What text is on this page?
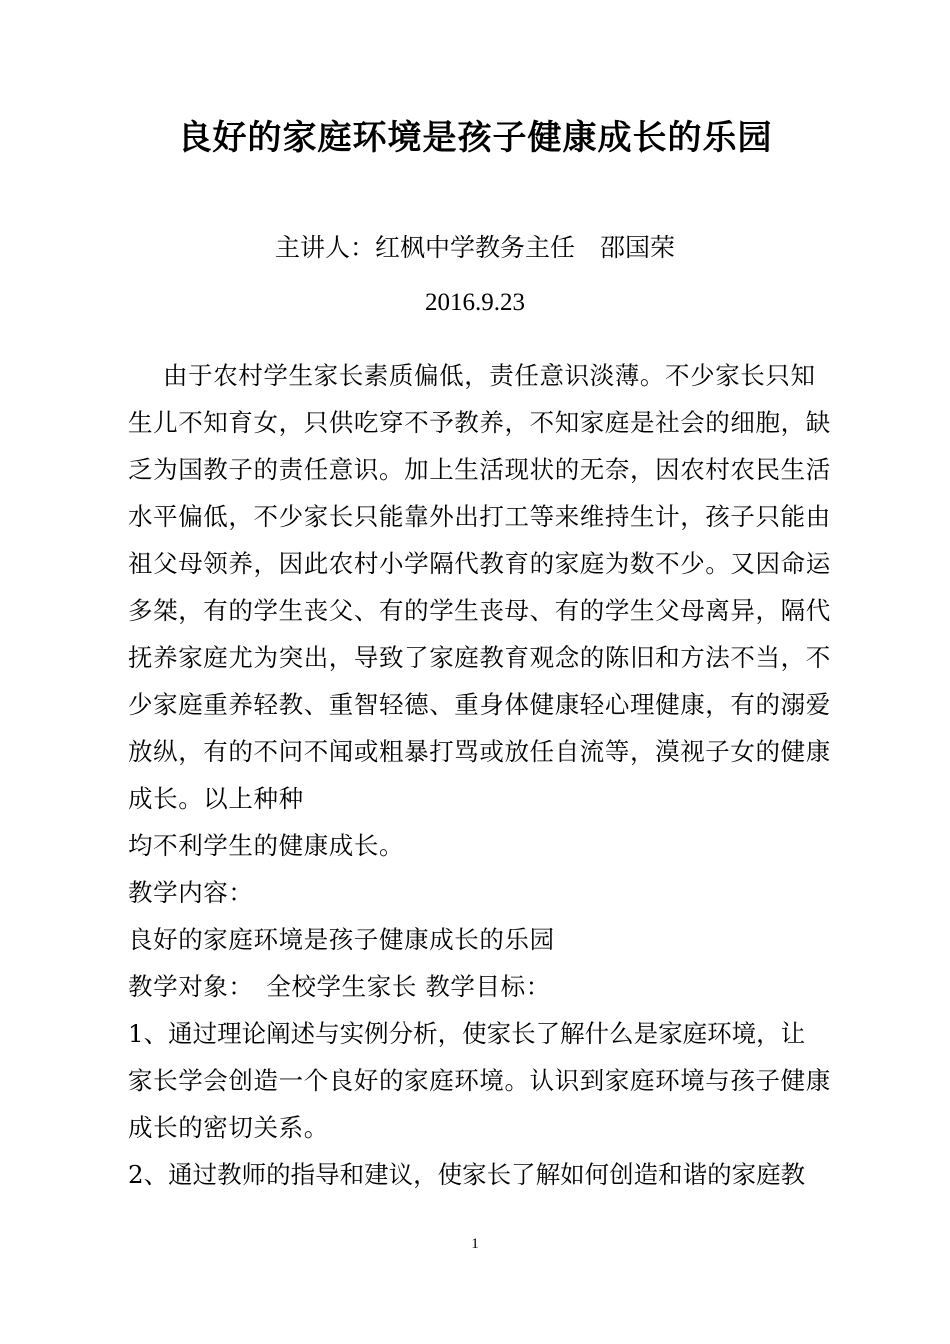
良好的家庭环境是孩子健康成长的乐园
主讲人：红枫中学教务主任　邵国荣
2016.9.23
由于农村学生家长素质偏低，责任意识淡薄。不少家长只知
生儿不知育女，只供吃穿不予教养，不知家庭是社会的细胞，缺
乏为国教子的责任意识。加上生活现状的无奈，因农村农民生活
水平偏低，不少家长只能靠外出打工等来维持生计，孩子只能由
祖父母领养，因此农村小学隔代教育的家庭为数不少。又因命运
多桀，有的学生丧父、有的学生丧母、有的学生父母离异，隔代
抚养家庭尤为突出，导致了家庭教育观念的陈旧和方法不当，不
少家庭重养轻教、重智轻德、重身体健康轻心理健康，有的溺爱
放纵，有的不问不闻或粗暴打骂或放任自流等，漠视子女的健康
成长。以上种种
均不利学生的健康成长。
教学内容：
良好的家庭环境是孩子健康成长的乐园
教学对象：　全校学生家长 教学目标：
1、通过理论阐述与实例分析，使家长了解什么是家庭环境，让
家长学会创造一个良好的家庭环境。认识到家庭环境与孩子健康
成长的密切关系。
2、通过教师的指导和建议，使家长了解如何创造和谐的家庭教
1
